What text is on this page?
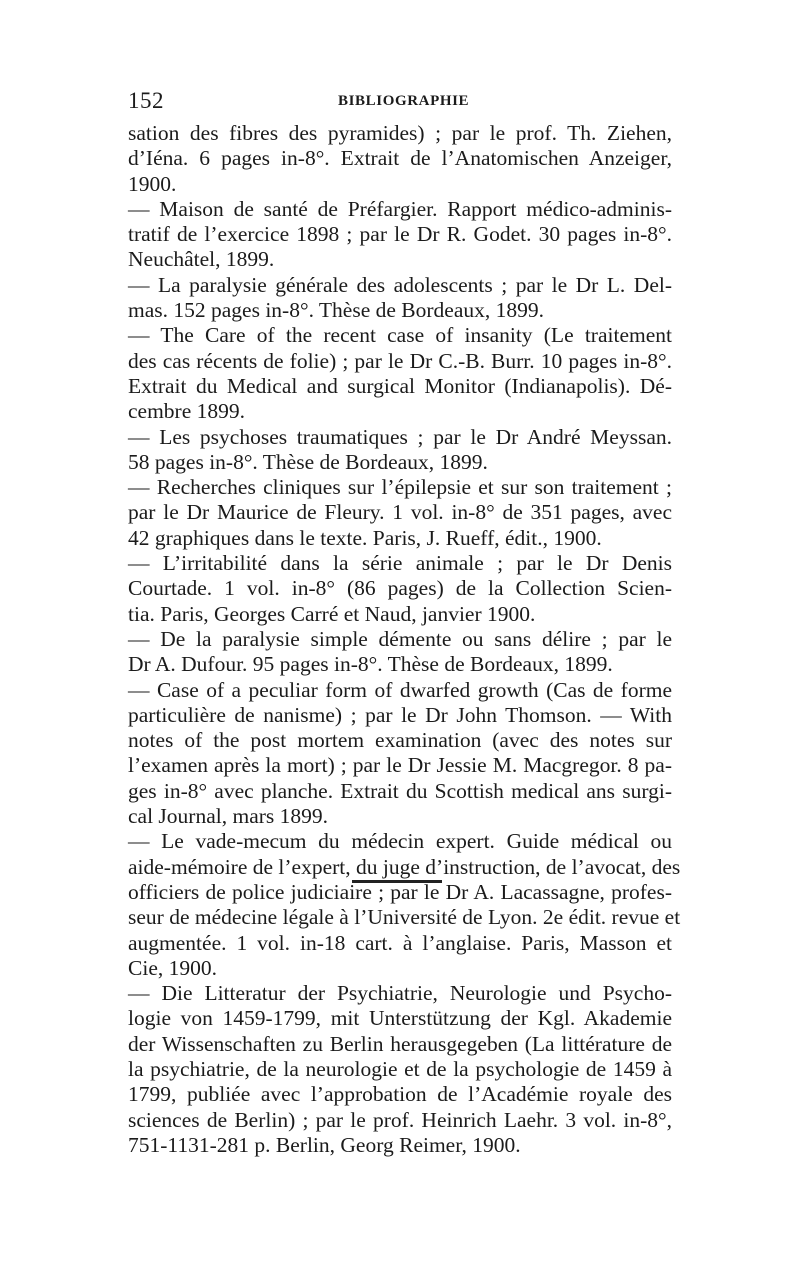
152	BIBLIOGRAPHIE
sation des fibres des pyramides) ; par le prof. Th. Ziehen,
d’Iéna. 6 pages in-8°. Extrait de l’Anatomischen Anzeiger,
1900.
— Maison de santé de Préfargier. Rapport médico-adminis-
tratif de l’exercice 1898 ; par le Dr R. Godet. 30 pages in-8°.
Neuchâtel, 1899.
— La paralysie générale des adolescents ; par le Dr L. Del-
mas. 152 pages in-8°. Thèse de Bordeaux, 1899.
— The Care of the recent case of insanity (Le traitement
des cas récents de folie) ; par le Dr C.-B. Burr. 10 pages in-8°.
Extrait du Medical and surgical Monitor (Indianapolis). Dé-
cembre 1899.
— Les psychoses traumatiques ; par le Dr André Meyssan.
58 pages in-8°. Thèse de Bordeaux, 1899.
— Recherches cliniques sur l’épilepsie et sur son traitement ;
par le Dr Maurice de Fleury. 1 vol. in-8° de 351 pages, avec
42 graphiques dans le texte. Paris, J. Rueff, édit., 1900.
— L’irritabilité dans la série animale ; par le Dr Denis
Courtade. 1 vol. in-8° (86 pages) de la Collection Scien-
tia. Paris, Georges Carré et Naud, janvier 1900.
— De la paralysie simple démente ou sans délire ; par le
Dr A. Dufour. 95 pages in-8°. Thèse de Bordeaux, 1899.
— Case of a peculiar form of dwarfed growth (Cas de forme
particulière de nanisme) ; par le Dr John Thomson. — With
notes of the post mortem examination (avec des notes sur
l’examen après la mort) ; par le Dr Jessie M. Macgregor. 8 pa-
ges in-8° avec planche. Extrait du Scottish medical ans surgi-
cal Journal, mars 1899.
— Le vade-mecum du médecin expert. Guide médical ou
aide-mémoire de l’expert, du juge d’instruction, de l’avocat, des
officiers de police judiciaire ; par le Dr A. Lacassagne, profes-
seur de médecine légale à l’Université de Lyon. 2e édit. revue et
augmentée. 1 vol. in-18 cart. à l’anglaise. Paris, Masson et
Cie, 1900.
— Die Litteratur der Psychiatrie, Neurologie und Psycho-
logie von 1459-1799, mit Unterstützung der Kgl. Akademie
der Wissenschaften zu Berlin herausgegeben (La littérature de
la psychiatrie, de la neurologie et de la psychologie de 1459 à
1799, publiée avec l’approbation de l’Académie royale des
sciences de Berlin) ; par le prof. Heinrich Laehr. 3 vol. in-8°,
751-1131-281 p. Berlin, Georg Reimer, 1900.
